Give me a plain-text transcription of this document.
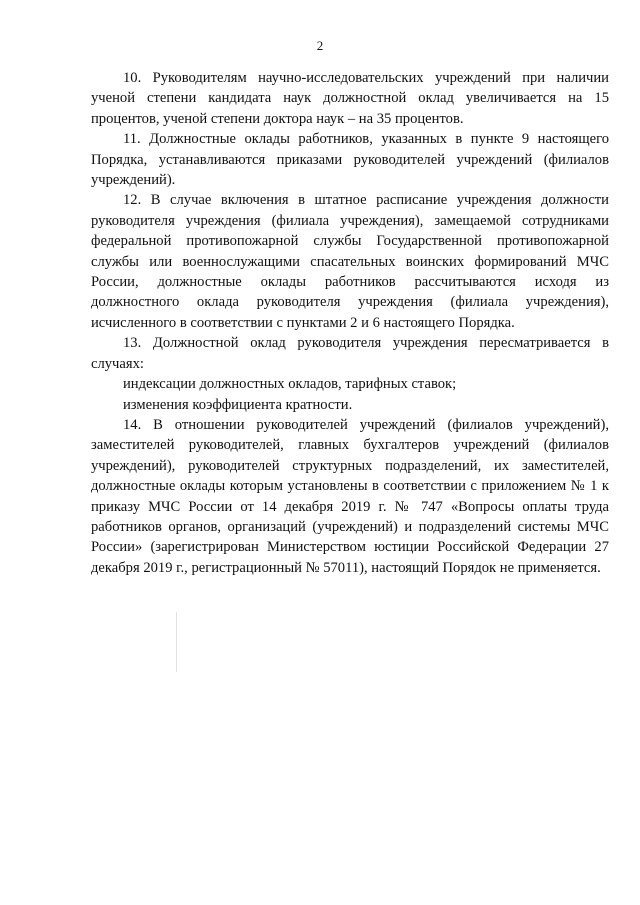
2

10. Руководителям научно-исследовательских учреждений при наличии ученой степени кандидата наук должностной оклад увеличивается на 15 процентов, ученой степени доктора наук – на 35 процентов.

11. Должностные оклады работников, указанных в пункте 9 настоящего Порядка, устанавливаются приказами руководителей учреждений (филиалов учреждений).

12. В случае включения в штатное расписание учреждения должности руководителя учреждения (филиала учреждения), замещаемой сотрудниками федеральной противопожарной службы Государственной противопожарной службы или военнослужащими спасательных воинских формирований МЧС России, должностные оклады работников рассчитываются исходя из должностного оклада руководителя учреждения (филиала учреждения), исчисленного в соответствии с пунктами 2 и 6 настоящего Порядка.

13. Должностной оклад руководителя учреждения пересматривается в случаях:

индексации должностных окладов, тарифных ставок;

изменения коэффициента кратности.

14. В отношении руководителей учреждений (филиалов учреждений), заместителей руководителей, главных бухгалтеров учреждений (филиалов учреждений), руководителей структурных подразделений, их заместителей, должностные оклады которым установлены в соответствии с приложением № 1 к приказу МЧС России от 14 декабря 2019 г. № 747 «Вопросы оплаты труда работников органов, организаций (учреждений) и подразделений системы МЧС России» (зарегистрирован Министерством юстиции Российской Федерации 27 декабря 2019 г., регистрационный № 57011), настоящий Порядок не применяется.
